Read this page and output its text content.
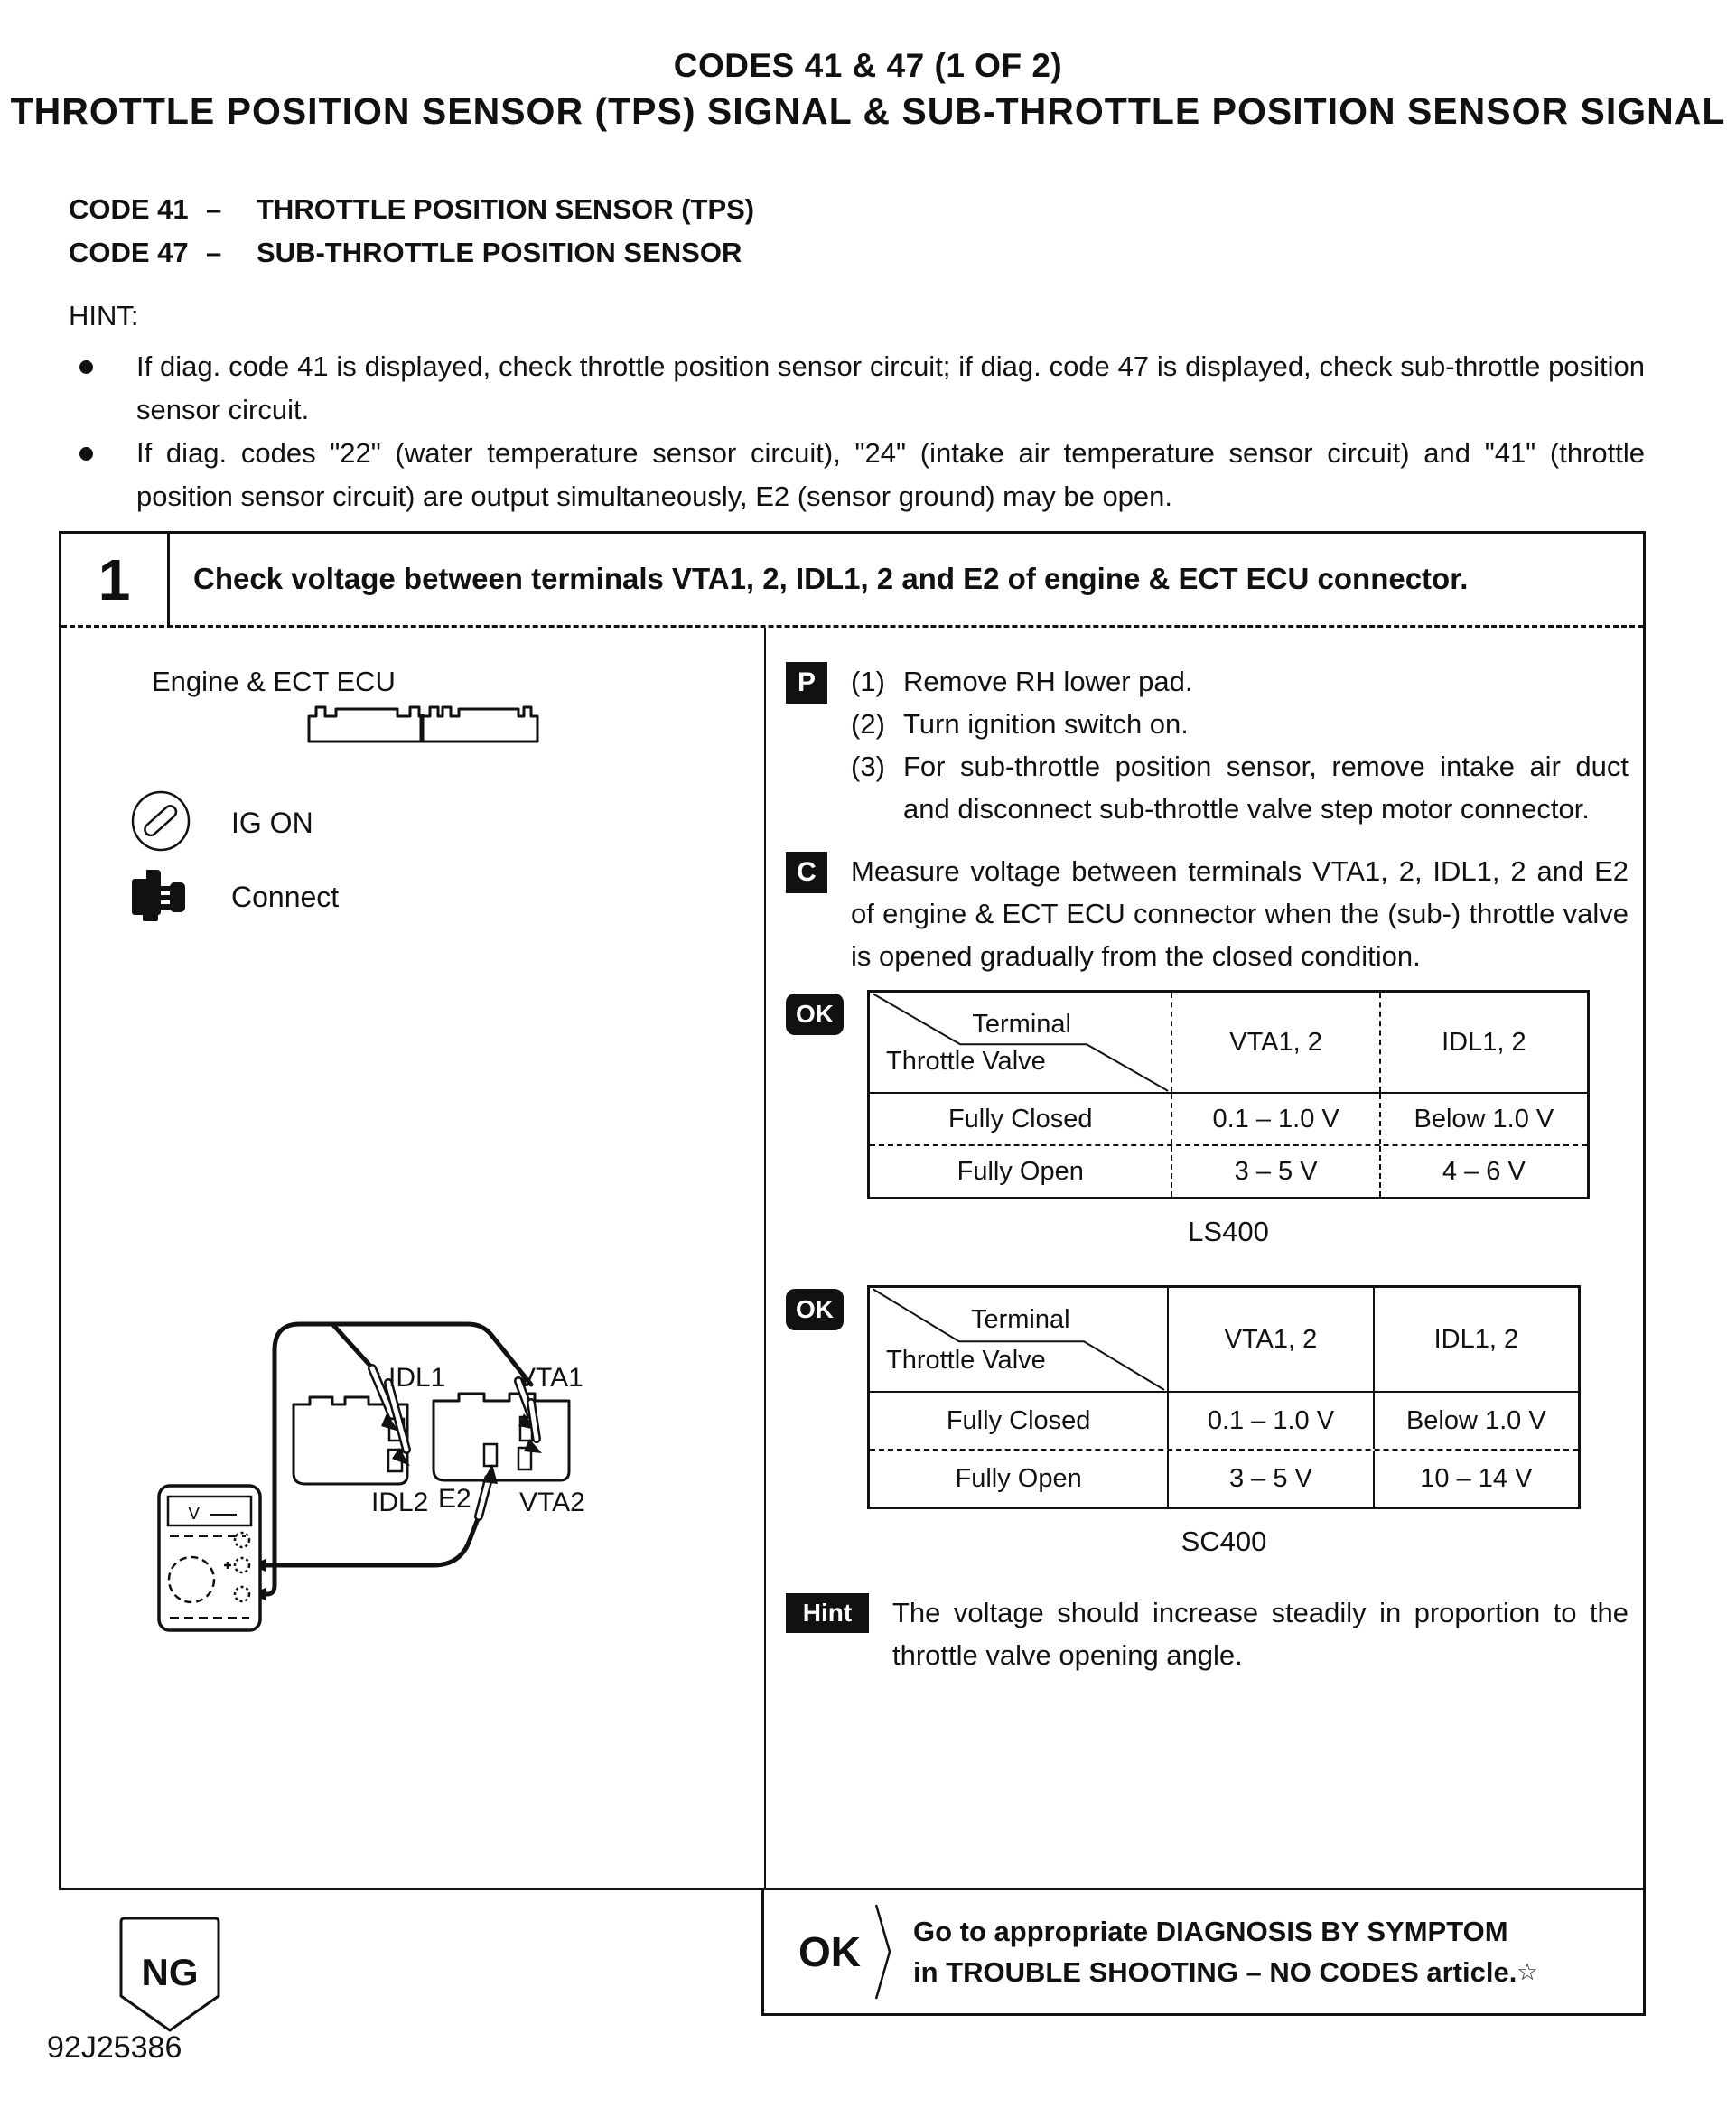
CODES 41 & 47 (1 OF 2)
THROTTLE POSITION SENSOR (TPS) SIGNAL & SUB-THROTTLE POSITION SENSOR SIGNAL
CODE 41 –	THROTTLE POSITION SENSOR (TPS)
CODE 47 –	SUB-THROTTLE POSITION SENSOR
HINT:
If diag. code 41 is displayed, check throttle position sensor circuit; if diag. code 47 is displayed, check sub-throttle position sensor circuit.
If diag. codes "22" (water temperature sensor circuit), "24" (intake air temperature sensor circuit) and "41" (throttle position sensor circuit) are output simultaneously, E2 (sensor ground) may be open.
1	Check voltage between terminals VTA1, 2, IDL1, 2 and E2 of engine & ECT ECU connector.
Engine & ECT ECU
IG ON
Connect
IDL1	VTA1
IDL2 E2 VTA2
V
P	(1) Remove RH lower pad.
(2) Turn ignition switch on.
(3) For sub-throttle position sensor, remove intake air duct and disconnect sub-throttle valve step motor connector.
C	Measure voltage between terminals VTA1, 2, IDL1, 2 and E2 of engine & ECT ECU connector when the (sub-) throttle valve is opened gradually from the closed condition.
OK	Terminal
Throttle Valve
VTA1, 2	IDL1, 2
Fully Closed	0.1 – 1.0 V	Below 1.0 V
Fully Open	3 – 5 V	4 – 6 V
LS400
OK	Terminal
Throttle Valve
VTA1, 2	IDL1, 2
Fully Closed	0.1 – 1.0 V	Below 1.0 V
Fully Open	3 – 5 V	10 – 14 V
SC400
Hint	The voltage should increase steadily in proportion to the throttle valve opening angle.
OK Go to appropriate DIAGNOSIS BY SYMPTOM
in TROUBLE SHOOTING – NO CODES article.☆
NG
92J25386
